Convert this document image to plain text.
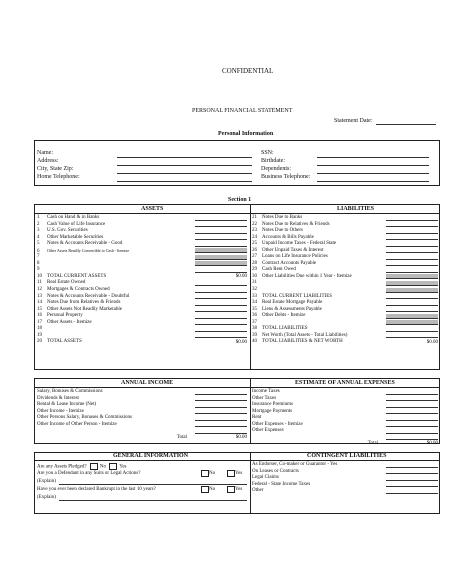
CONFIDENTIAL
PERSONAL FINANCIAL STATEMENT
Statement Date:
Personal Information
Name:
Address:
City, State Zip:
Home Telephone:
SSN:
Birthdate:
Dependents:
Business Telephone:
Section 1
ASSETS	LIABILITIES
1 Cash on Hand & in Banks
2 Cash Value of Life Insurance
3 U.S. Gov. Securities
4 Other Marketable Securities
5 Notes & Accounts Receivable - Good
6 Other Assets Readily Convertible to Cash - Itemize
7
8
9
10 TOTAL CURRENT ASSETS	$0.00
11 Real Estate Owned
12 Mortgages & Contracts Owned
13 Notes & Accounts Receivable - Doubtful
14 Notes Due from Relatives & Friends
15 Other Assets Not Readily Marketable
16 Personal Property
17 Other Assets - Itemize
18
19
20 TOTAL ASSETS	$0.00
21 Notes Due to Banks
22 Notes Due to Relatives & Friends
23 Notes Due to Others
24 Accounts & Bills Payable
25 Unpaid Income Taxes - Federal State
26 Other Unpaid Taxes & Interest
27 Loans on Life Insurance Policies
28 Contract Accounts Payable
29 Cash Rent Owed
30 Other Liabilities Due within 1 Year - Itemize
31
32
33 TOTAL CURRENT LIABILITIES
34 Real Estate Mortgage Payable
35 Liens & Assessments Payable
36 Other Debts - Itemize
37
38 TOTAL LIABILITIES
39 Net Worth (Total Assets - Total Liabilities)
40 TOTAL LIABILITIES & NET WORTH	$0.00
ANNUAL INCOME	ESTIMATE OF ANNUAL EXPENSES
Salary, Bonuses & Commissions
Dividends & Interest
Rental & Lease Income (Net)
Other Income - Itemize
Other Persons Salary, Bonuses & Commissions
Other Income of Other Person - Itemize
Total	$0.00
Income Taxes
Other Taxes
Insurance Premiums
Mortgage Payments
Rent
Other Expenses - Itemize
Other Expenses
Total	$0.00
GENERAL INFORMATION	CONTINGENT LIABILITIES
Are any Assets Pledged?	No	Yes
Are you a Defendant in any Suits or Legal Actions?	No	Yes
(Explain)
Have you ever been declared Bankrupt in the last 10 years?	No	Yes
(Explain)
As Endorser, Co-maker or Guarantor - Yes
On Leases or Contracts
Legal Claims
Federal - State Income Taxes
Other
